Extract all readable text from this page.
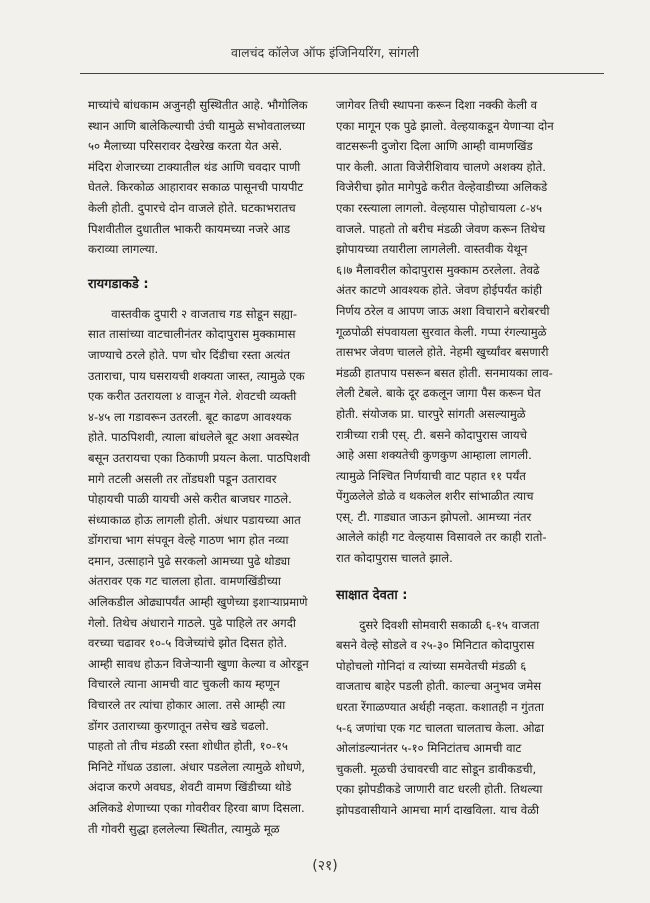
वालचंद कॉलेज ऑफ इंजिनियरिंग, सांगली

माच्यांचे बांधकाम अजुनही सुस्थितीत आहे. भौगोलिक
स्थान आणि बालेकिल्याची उंची यामुळे सभोवतालच्या
५० मैलाच्या परिसरावर देखरेख करता येत असे.
मंदिरा शेजारच्या टाक्यातील थंड आणि चवदार पाणी
घेतले. किरकोळ आहारावर सकाळ पासूनची पायपीट
केली होती. दुपारचे दोन वाजले होते. घटकाभरातच
पिशवीतील दुधातील भाकरी कायमच्या नजरे आड
कराव्या लागल्या.

रायगडाकडे :

वास्तवीक दुपारी २ वाजताच गड सोडून सह्या-
सात तासांच्या वाटचालीनंतर कोदापुरास मुक्कामास
जाण्याचे ठरले होते. पण चोर दिंडीचा रस्ता अत्यंत
उताराचा, पाय घसरायची शक्यता जास्त, त्यामुळे एक
एक करीत उतरायला ४ वाजून गेले. शेवटची व्यक्ती
४-४५ ला गडावरून उतरली. बूट काढण आवश्यक
होते. पाठपिशवी, त्याला बांधलेले बूट अशा अवस्थेत
बसून उतरायचा एका ठिकाणी प्रयत्न केला. पाठपिशवी
मागे तटली असली तर तोंडघशी पडून उतारावर
पोहायची पाळी यायची असे करीत बाजघर गाठले.
संध्याकाळ होऊ लागली होती. अंधार पडायच्या आत
डोंगराचा भाग संपवून वेल्हे गाठण भाग होत नव्या
दमान, उत्साहाने पुढे सरकलो आमच्या पुढे थोड्या
अंतरावर एक गट चालला होता. वामणखिंडीच्या
अलिकडील ओढ्यापर्यंत आम्ही खुणेच्या इशाऱ्याप्रमाणे
गेलो. तिथेच अंधाराने गाठले. पुढे पाहिले तर अगदी
वरच्या चढावर १०-५ विजेच्यांचे झोत दिसत होते.
आम्ही सावध होऊन विजेऱ्यानी खुणा केल्या व ओरडून
विचारले त्याना आमची वाट चुकली काय म्हणून
विचारले तर त्यांचा होकार आला. तसे आम्ही त्या
डोंगर उताराच्या कुरणातून तसेच खडे चढलो.
पाहतो तो तीच मंडळी रस्ता शोधीत होती, १०-१५
मिनिटे गोंधळ उडाला. अंधार पडलेला त्यामुळे शोधणे,
अंदाज करणे अवघड, शेवटी वामण खिंडीच्या थोडे
अलिकडे शेणाच्या एका गोवरीवर हिरवा बाण दिसला.
ती गोवरी सुद्धा हललेल्या स्थितीत, त्यामुळे मूळ

जागेवर तिची स्थापना करून दिशा नक्की केली व
एका मागून एक पुढे झालो. वेल्हयाकडून येणाऱ्या दोन
वाटसरूनी दुजोरा दिला आणि आम्ही वामणखिंड
पार केली. आता विजेरीशिवाय चालणे अशक्य होते.
विजेरीचा झोत मागेपुढे करीत वेल्हेवाडीच्या अलिकडे
एका रस्त्याला लागलो. वेल्हयास पोहोचायला ८-४५
वाजले. पाहतो तो बरीच मंडळी जेवण करून तिथेच
झोपायच्या तयारीला लागलेली. वास्तवीक येथून
६।७ मैलावरील कोदापुरास मुक्काम ठरलेला. तेवढे
अंतर काटणे आवश्यक होते. जेवण होईपर्यंत कांही
निर्णय ठरेल व आपण जाऊ अशा विचाराने बरोबरची
गूळपोळी संपवायला सुरवात केली. गप्पा रंगल्यामुळे
तासभर जेवण चालले होते. नेहमी खुर्च्यांवर बसणारी
मंडळी हातपाय पसरून बसत होती. सनमायका लाव-
लेली टेबले. बाके दूर ढकलून जागा पैस करून घेत
होती. संयोजक प्रा. घारपुरे सांगती असल्यामुळे
रात्रीच्या रात्री एस्. टी. बसने कोदापुरास जायचे
आहे असा शक्यतेची कुणकुण आम्हाला लागली.
त्यामुळे निश्चित निर्णयाची वाट पहात ११ पर्यंत
पेंगुळलेले डोळे व थकलेल शरीर सांभाळीत त्याच
एस्. टी. गाड्यात जाऊन झोपलो. आमच्या नंतर
आलेले कांही गट वेल्हयास विसावले तर काही रातो-
रात कोदापुरास चालते झाले.

साक्षात देवता :

दुसरे दिवशी सोमवारी सकाळी ६-१५ वाजता
बसने वेल्हे सोडले व २५-३० मिनिटात कोदापुरास
पोहोचलो गोनिदां व त्यांच्या समवेतची मंडळी ६
वाजताच बाहेर पडली होती. काल्चा अनुभव जमेस
धरता रेंगाळण्यात अर्थही नव्हता. कशातही न गुंतता
५-६ जणांचा एक गट चालता चालताच केला. ओढा
ओलांडल्यानंतर ५-१० मिनिटांतच आमची वाट
चुकली. मूळची उंचावरची वाट सोडून डावीकडची,
एका झोपडीकडे जाणारी वाट धरली होती. तिथल्या
झोपडवासीयाने आमचा मार्ग दाखविला. याच वेळी

(२१)
